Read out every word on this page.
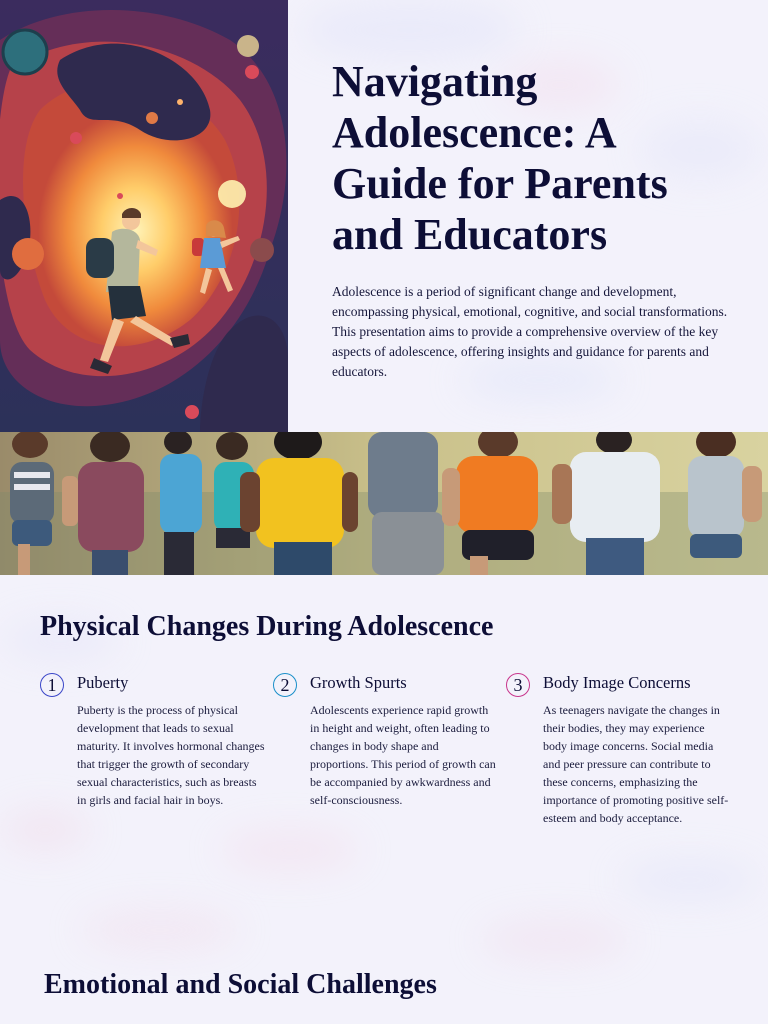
Navigating Adolescence: A Guide for Parents and Educators

Adolescence is a period of significant change and development, encompassing physical, emotional, cognitive, and social transformations. This presentation aims to provide a comprehensive overview of the key aspects of adolescence, offering insights and guidance for parents and educators.

Physical Changes During Adolescence
1	Puberty
Puberty is the process of physical development that leads to sexual maturity. It involves hormonal changes that trigger the growth of secondary sexual characteristics, such as breasts in girls and facial hair in boys.
2	Growth Spurts
Adolescents experience rapid growth in height and weight, often leading to changes in body shape and proportions. This period of growth can be accompanied by awkwardness and self-consciousness.
3	Body Image Concerns
As teenagers navigate the changes in their bodies, they may experience body image concerns. Social media and peer pressure can contribute to these concerns, emphasizing the importance of promoting positive self-esteem and body acceptance.
Emotional and Social Challenges
